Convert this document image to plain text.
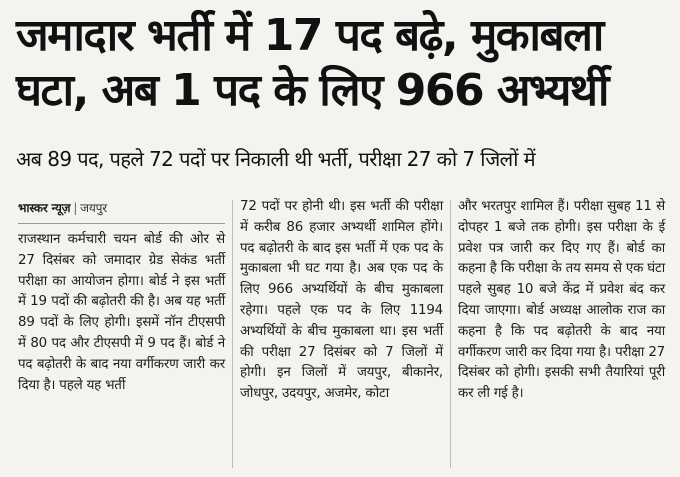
जमादार भर्ती में 17 पद बढ़े, मुकाबला
घटा, अब 1 पद के लिए 966 अभ्यर्थी
अब 89 पद, पहले 72 पदों पर निकाली थी भर्ती, परीक्षा 27 को 7 जिलों में
भास्कर न्यूज़ | जयपुर

राजस्थान कर्मचारी चयन बोर्ड की ओर से 27 दिसंबर को जमादार ग्रेड सेकंड भर्ती परीक्षा का आयोजन होगा। बोर्ड ने इस भर्ती में 19 पदों की बढ़ोतरी की है। अब यह भर्ती 89 पदों के लिए होगी। इसमें नॉन टीएसपी में 80 पद और टीएसपी में 9 पद हैं। बोर्ड ने पद बढ़ोतरी के बाद नया वर्गीकरण जारी कर दिया है। पहले यह भर्ती

72 पदों पर होनी थी। इस भर्ती की परीक्षा में करीब 86 हजार अभ्यर्थी शामिल होंगे। पद बढ़ोतरी के बाद इस भर्ती में एक पद के मुकाबला भी घट गया है। अब एक पद के लिए 966 अभ्यर्थियों के बीच मुकाबला रहेगा। पहले एक पद के लिए 1194 अभ्यर्थियों के बीच मुकाबला था। इस भर्ती की परीक्षा 27 दिसंबर को 7 जिलों में होगी। इन जिलों में जयपुर, बीकानेर, जोधपुर, उदयपुर, अजमेर, कोटा

और भरतपुर शामिल हैं। परीक्षा सुबह 11 से दोपहर 1 बजे तक होगी। इस परीक्षा के ई प्रवेश पत्र जारी कर दिए गए हैं। बोर्ड का कहना है कि परीक्षा के तय समय से एक घंटा पहले सुबह 10 बजे केंद्र में प्रवेश बंद कर दिया जाएगा। बोर्ड अध्यक्ष आलोक राज का कहना है कि पद बढ़ोतरी के बाद नया वर्गीकरण जारी कर दिया गया है। परीक्षा 27 दिसंबर को होगी। इसकी सभी तैयारियां पूरी कर ली गई है।
